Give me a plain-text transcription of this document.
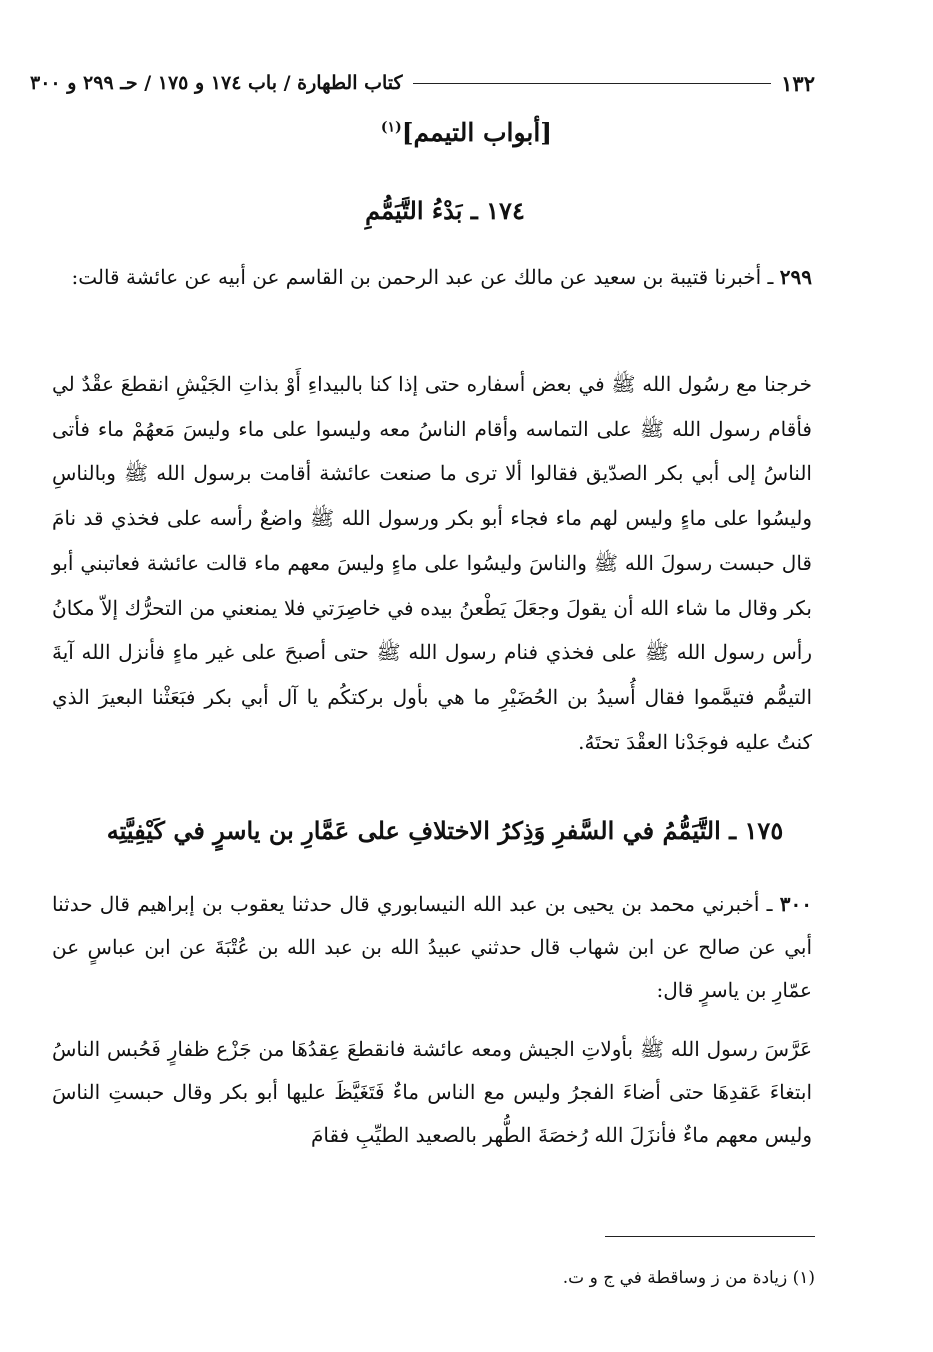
١٣٢
كتاب الطهارة / باب ١٧٤ و ١٧٥ / حـ ٢٩٩ و ٣٠٠
[أبواب التيمم]$^{(١)}$
١٧٤ ـ بَدْءُ التَّيَمُّمِ
٢٩٩ ـ أخبرنا قتيبة بن سعيد عن مالك عن عبد الرحمن بن القاسم عن أبيه عن عائشة قالت:
خرجنا مع رسُول الله ﷺ في بعض أسفاره حتى إذا كنا بالبيداءِ أَوْ بذاتِ الجَيْشِ انقطعَ عقْدٌ لي فأقام رسول الله ﷺ على التماسه وأقام الناسُ معه وليسوا على ماء وليسَ مَعهُمْ ماء فأتى الناسُ إلى أبي بكر الصدّيق فقالوا ألا ترى ما صنعت عائشة أقامت برسول الله ﷺ وبالناسِ وليسُوا على ماءٍ وليس لهم ماء فجاء أبو بكر ورسول الله ﷺ واضعٌ رأسه على فخذي قد نامَ قال حبست رسولَ الله ﷺ والناسَ وليسُوا على ماءٍ وليسَ معهم ماء قالت عائشة فعاتبني أبو بكر وقال ما شاء الله أن يقولَ وجعَلَ يَطْعنُ بيده في خاصِرَتي فلا يمنعني من التحرُّك إلاّ مكانُ رأس رسول الله ﷺ على فخذي فنام رسول الله ﷺ حتى أصبحَ على غير ماءٍ فأنزل الله آيةَ التيمُّم فتيمَّموا فقال أُسيدُ بن الحُضَيْرِ ما هي بأول بركتكُم يا آل أبي بكر فبَعَثْنا البعيرَ الذي كنتُ عليه فوجَدْنا العقْدَ تحتَهُ.
١٧٥ ـ التَّيَمُّمُ في السَّفرِ وَذِكرُ الاختلافِ على عَمَّارِ بن ياسرٍ في كَيْفِيَّتِه
٣٠٠ ـ أخبرني محمد بن يحيى بن عبد الله النيسابوري قال حدثنا يعقوب بن إبراهيم قال حدثنا أبي عن صالح عن ابن شهاب قال حدثني عبيدُ الله بن عبد الله بن عُتْبَةَ عن ابن عباسٍ عن عمّارِ بن ياسرٍ قال:
عَرَّسَ رسول الله ﷺ بأولاتِ الجيش ومعه عائشة فانقطعَ عِقدُهَا من جَزْع ظفارٍ فَحُبس الناسُ ابتغاءَ عَقدِهَا حتى أضاءَ الفجرُ وليس مع الناس ماءٌ فَتَغَيَّظَ عليها أبو بكر وقال حبستِ الناسَ وليس معهم ماءٌ فأنزَلَ الله رُخصَةَ الطُّهر بالصعيد الطيِّبِ فقامَ
(١) زيادة من ز وساقطة في ج و ت.
